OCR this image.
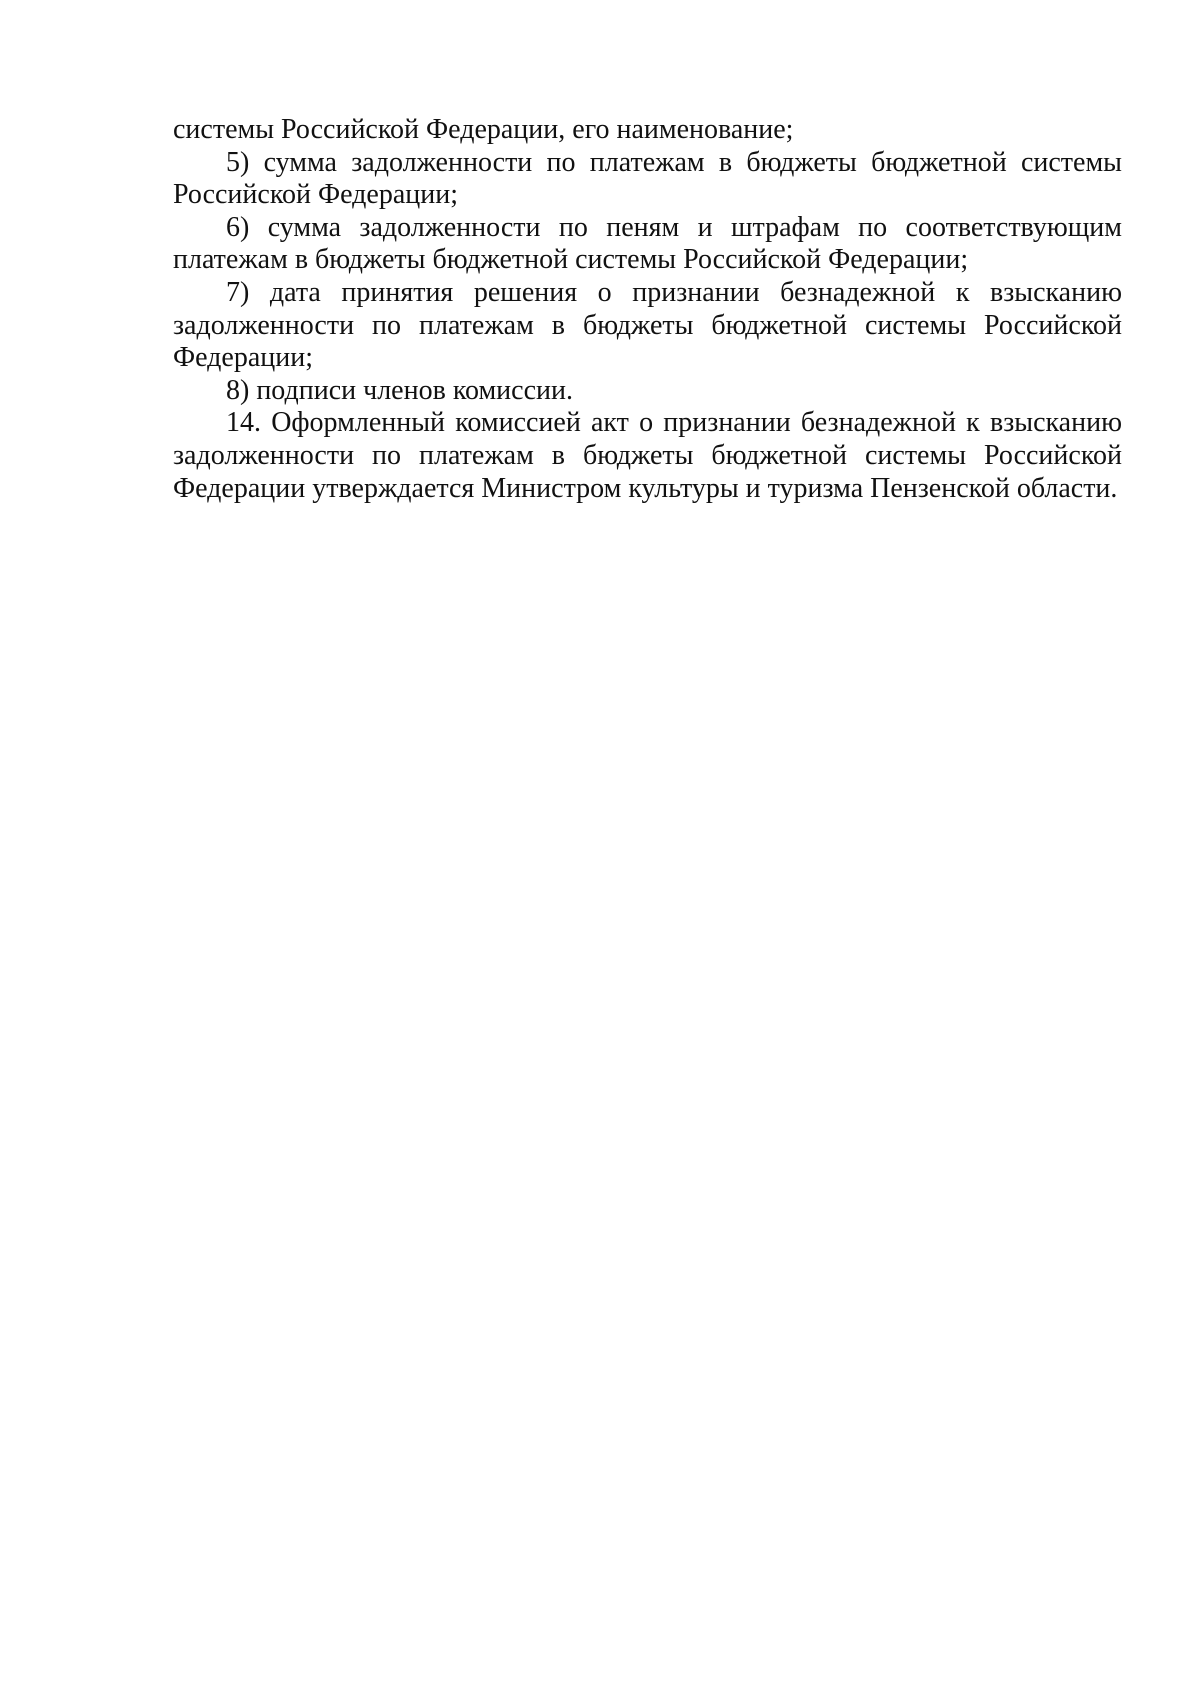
системы Российской Федерации, его наименование;

5) сумма задолженности по платежам в бюджеты бюджетной системы Российской Федерации;

6) сумма задолженности по пеням и штрафам по соответствующим платежам в бюджеты бюджетной системы Российской Федерации;

7) дата принятия решения о признании безнадежной к взысканию задолженности по платежам в бюджеты бюджетной системы Российской Федерации;

8) подписи членов комиссии.

14. Оформленный комиссией акт о признании безнадежной к взысканию задолженности по платежам в бюджеты бюджетной системы Российской Федерации утверждается Министром культуры и туризма Пензенской области.
